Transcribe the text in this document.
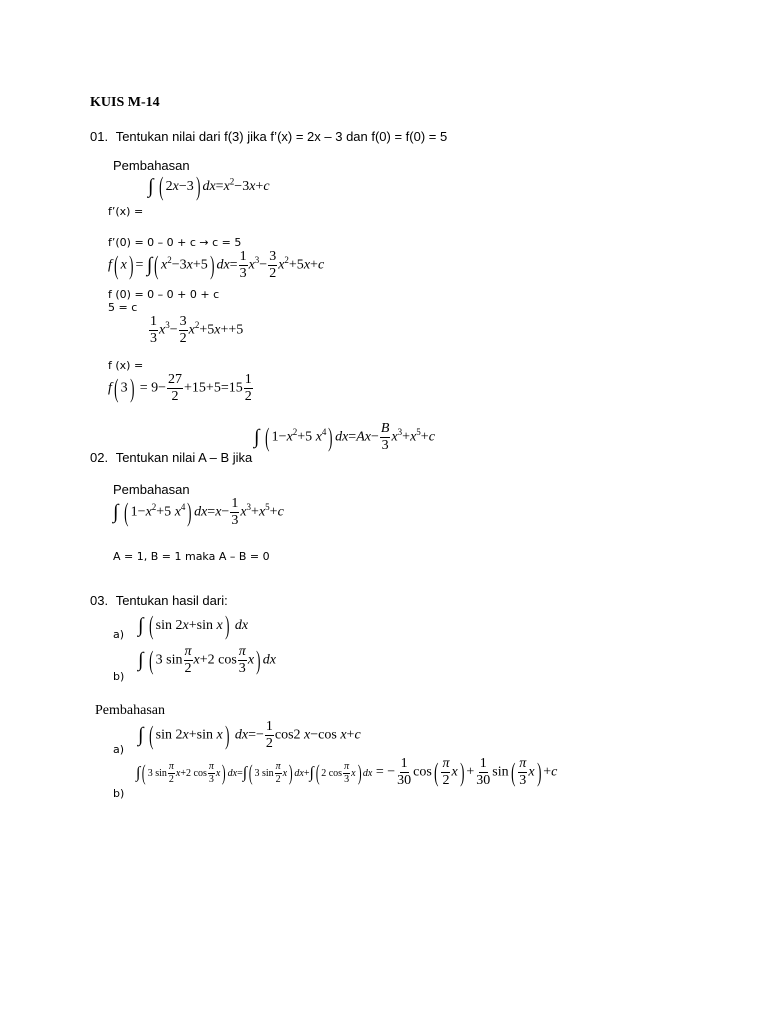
KUIS M-14
01. Tentukan nilai dari f(3) jika f’(x) = 2x – 3 dan f(0) = f(0) = 5
Pembahasan
∫ ( 2x−3) $dx=x^2-3x+c$
f’(x) =
f’(0) = 0 – 0 + c → c = 5
f( x) = ∫( $x^2-3x+5$) $dx= \frac{1}{3} x^3- \frac{3}{2} x^2+5x+c$
f (0) = 0 – 0 + 0 + c
5 = c
$\frac{1}{3} x^3- \frac{3}{2} x^2+5x++5$
f (x) =
f( $3) = 9- \frac{27}{2} +15+5=15 \frac{1}{2}$
∫ ( $1-x^2+5$ $x^4$) $dx=Ax- \frac{B}{3} x^3+x^5+c$
02. Tentukan nilai A – B jika
Pembahasan
∫ ( $1-x^2+5$ $x^4$) $dx=x- \frac{1}{3} x^3+x^5+c$
A = 1, B = 1 maka A – B = 0
03. Tentukan hasil dari:
∫ ( sin 2x+sin x) dx
a)
∫ ( 3 $\sin \frac{\pi}{2} x+2$ $\cos \frac{\pi}{3} x$) dx
b)
Pembahasan
∫ ( sin 2x+sin x) $dx=- \frac{1}{2} \cos 2$ x−cos x+c
a)
∫( 3 $\sin \frac{\pi}{2} x+2$ $\cos \frac{\pi}{3} x$) dx=∫( 3 $\sin \frac{\pi}{2} x$) dx+∫( 2 $\cos \frac{\pi}{3} x$) dx = − $\frac{1}{30} \cos( \frac{\pi}{2} x) + \frac{1}{30} \sin( \frac{\pi}{3} x) +c$
b)
